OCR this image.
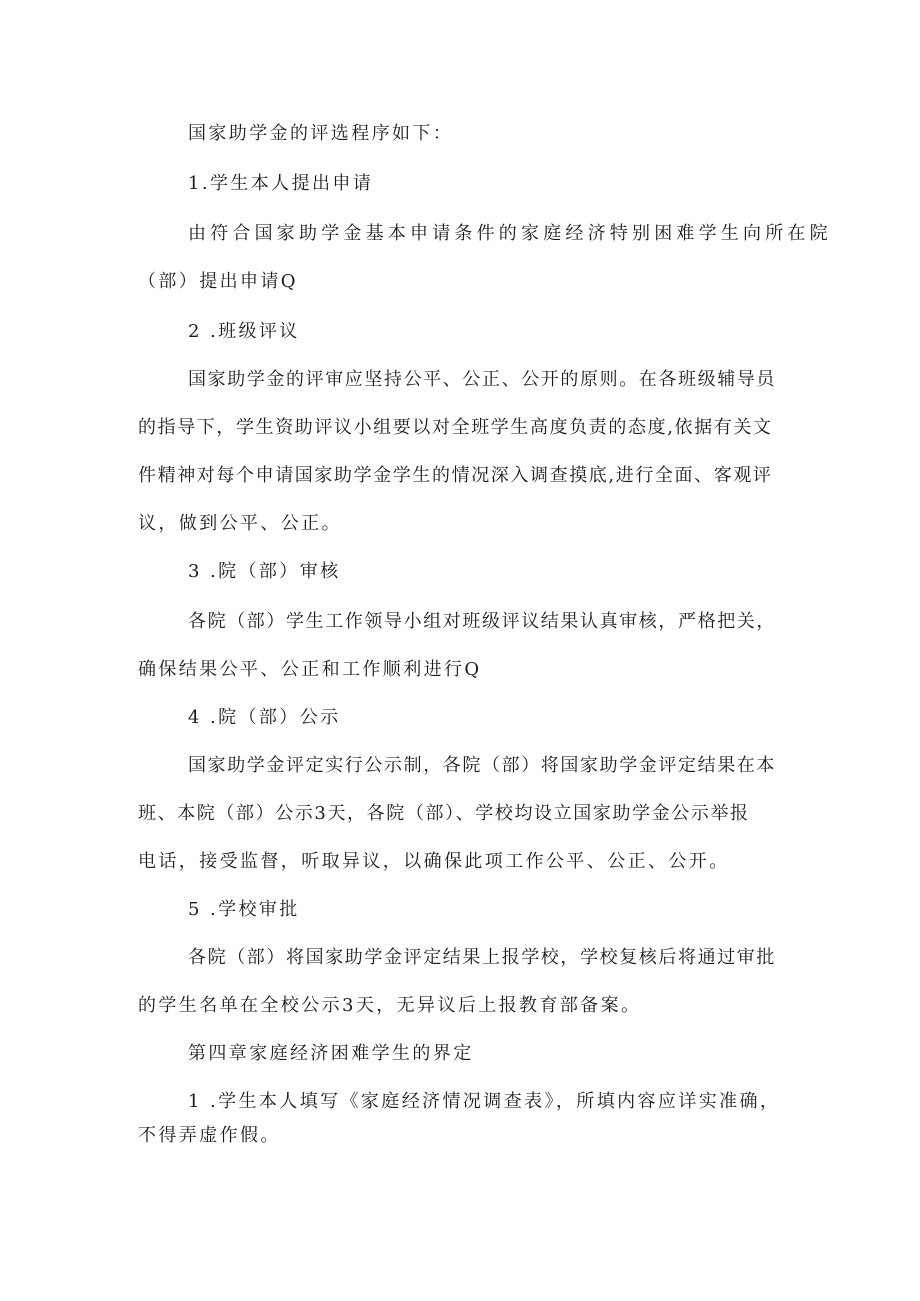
国家助学金的评选程序如下：
1.学生本人提出申请
由符合国家助学金基本申请条件的家庭经济特别困难学生向所在院
（部）提出申请Q
2 .班级评议
国家助学金的评审应坚持公平、公正、公开的原则。在各班级辅导员
的指导下，学生资助评议小组要以对全班学生高度负责的态度,依据有关文
件精神对每个申请国家助学金学生的情况深入调查摸底,进行全面、客观评
议，做到公平、公正。
3 .院（部）审核
各院（部）学生工作领导小组对班级评议结果认真审核，严格把关，
确保结果公平、公正和工作顺利进行Q
4 .院（部）公示
国家助学金评定实行公示制，各院（部）将国家助学金评定结果在本
班、本院（部）公示3天，各院（部）、学校均设立国家助学金公示举报
电话，接受监督，听取异议，以确保此项工作公平、公正、公开。
5 .学校审批
各院（部）将国家助学金评定结果上报学校，学校复核后将通过审批
的学生名单在全校公示3天，无异议后上报教育部备案。
第四章家庭经济困难学生的界定
1 .学生本人填写《家庭经济情况调查表》，所填内容应详实准确，
不得弄虚作假。
